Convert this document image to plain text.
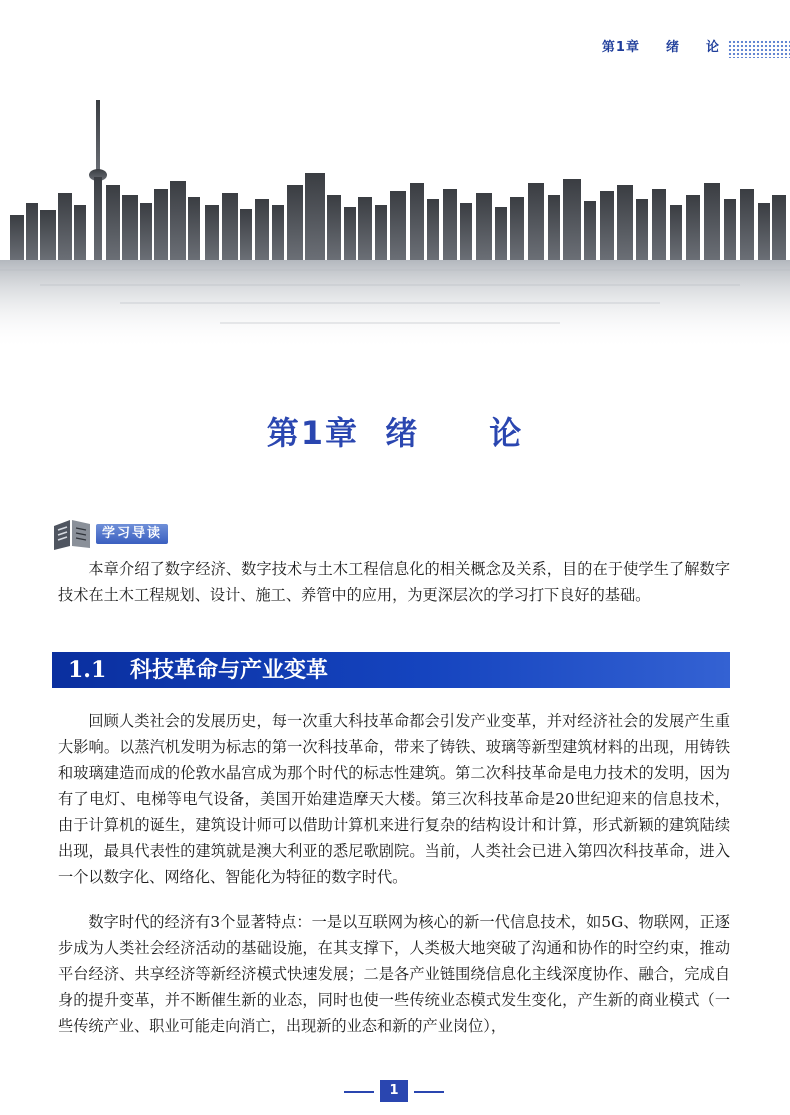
第1章 绪 论
第1章 绪 论
学习导读

本章介绍了数字经济、数字技术与土木工程信息化的相关概念及关系，目的在于使学生了解数字技术在土木工程规划、设计、施工、养管中的应用，为更深层次的学习打下良好的基础。

1.1 科技革命与产业变革

回顾人类社会的发展历史，每一次重大科技革命都会引发产业变革，并对经济社会的发展产生重大影响。以蒸汽机发明为标志的第一次科技革命，带来了铸铁、玻璃等新型建筑材料的出现，用铸铁和玻璃建造而成的伦敦水晶宫成为那个时代的标志性建筑。第二次科技革命是电力技术的发明，因为有了电灯、电梯等电气设备，美国开始建造摩天大楼。第三次科技革命是20世纪迎来的信息技术，由于计算机的诞生，建筑设计师可以借助计算机来进行复杂的结构设计和计算，形式新颖的建筑陆续出现，最具代表性的建筑就是澳大利亚的悉尼歌剧院。当前，人类社会已进入第四次科技革命，进入一个以数字化、网络化、智能化为特征的数字时代。

数字时代的经济有3个显著特点：一是以互联网为核心的新一代信息技术，如5G、物联网，正逐步成为人类社会经济活动的基础设施，在其支撑下，人类极大地突破了沟通和协作的时空约束，推动平台经济、共享经济等新经济模式快速发展；二是各产业链围绕信息化主线深度协作、融合，完成自身的提升变革，并不断催生新的业态，同时也使一些传统业态模式发生变化，产生新的商业模式（一些传统产业、职业可能走向消亡，出现新的业态和新的产业岗位），

1
